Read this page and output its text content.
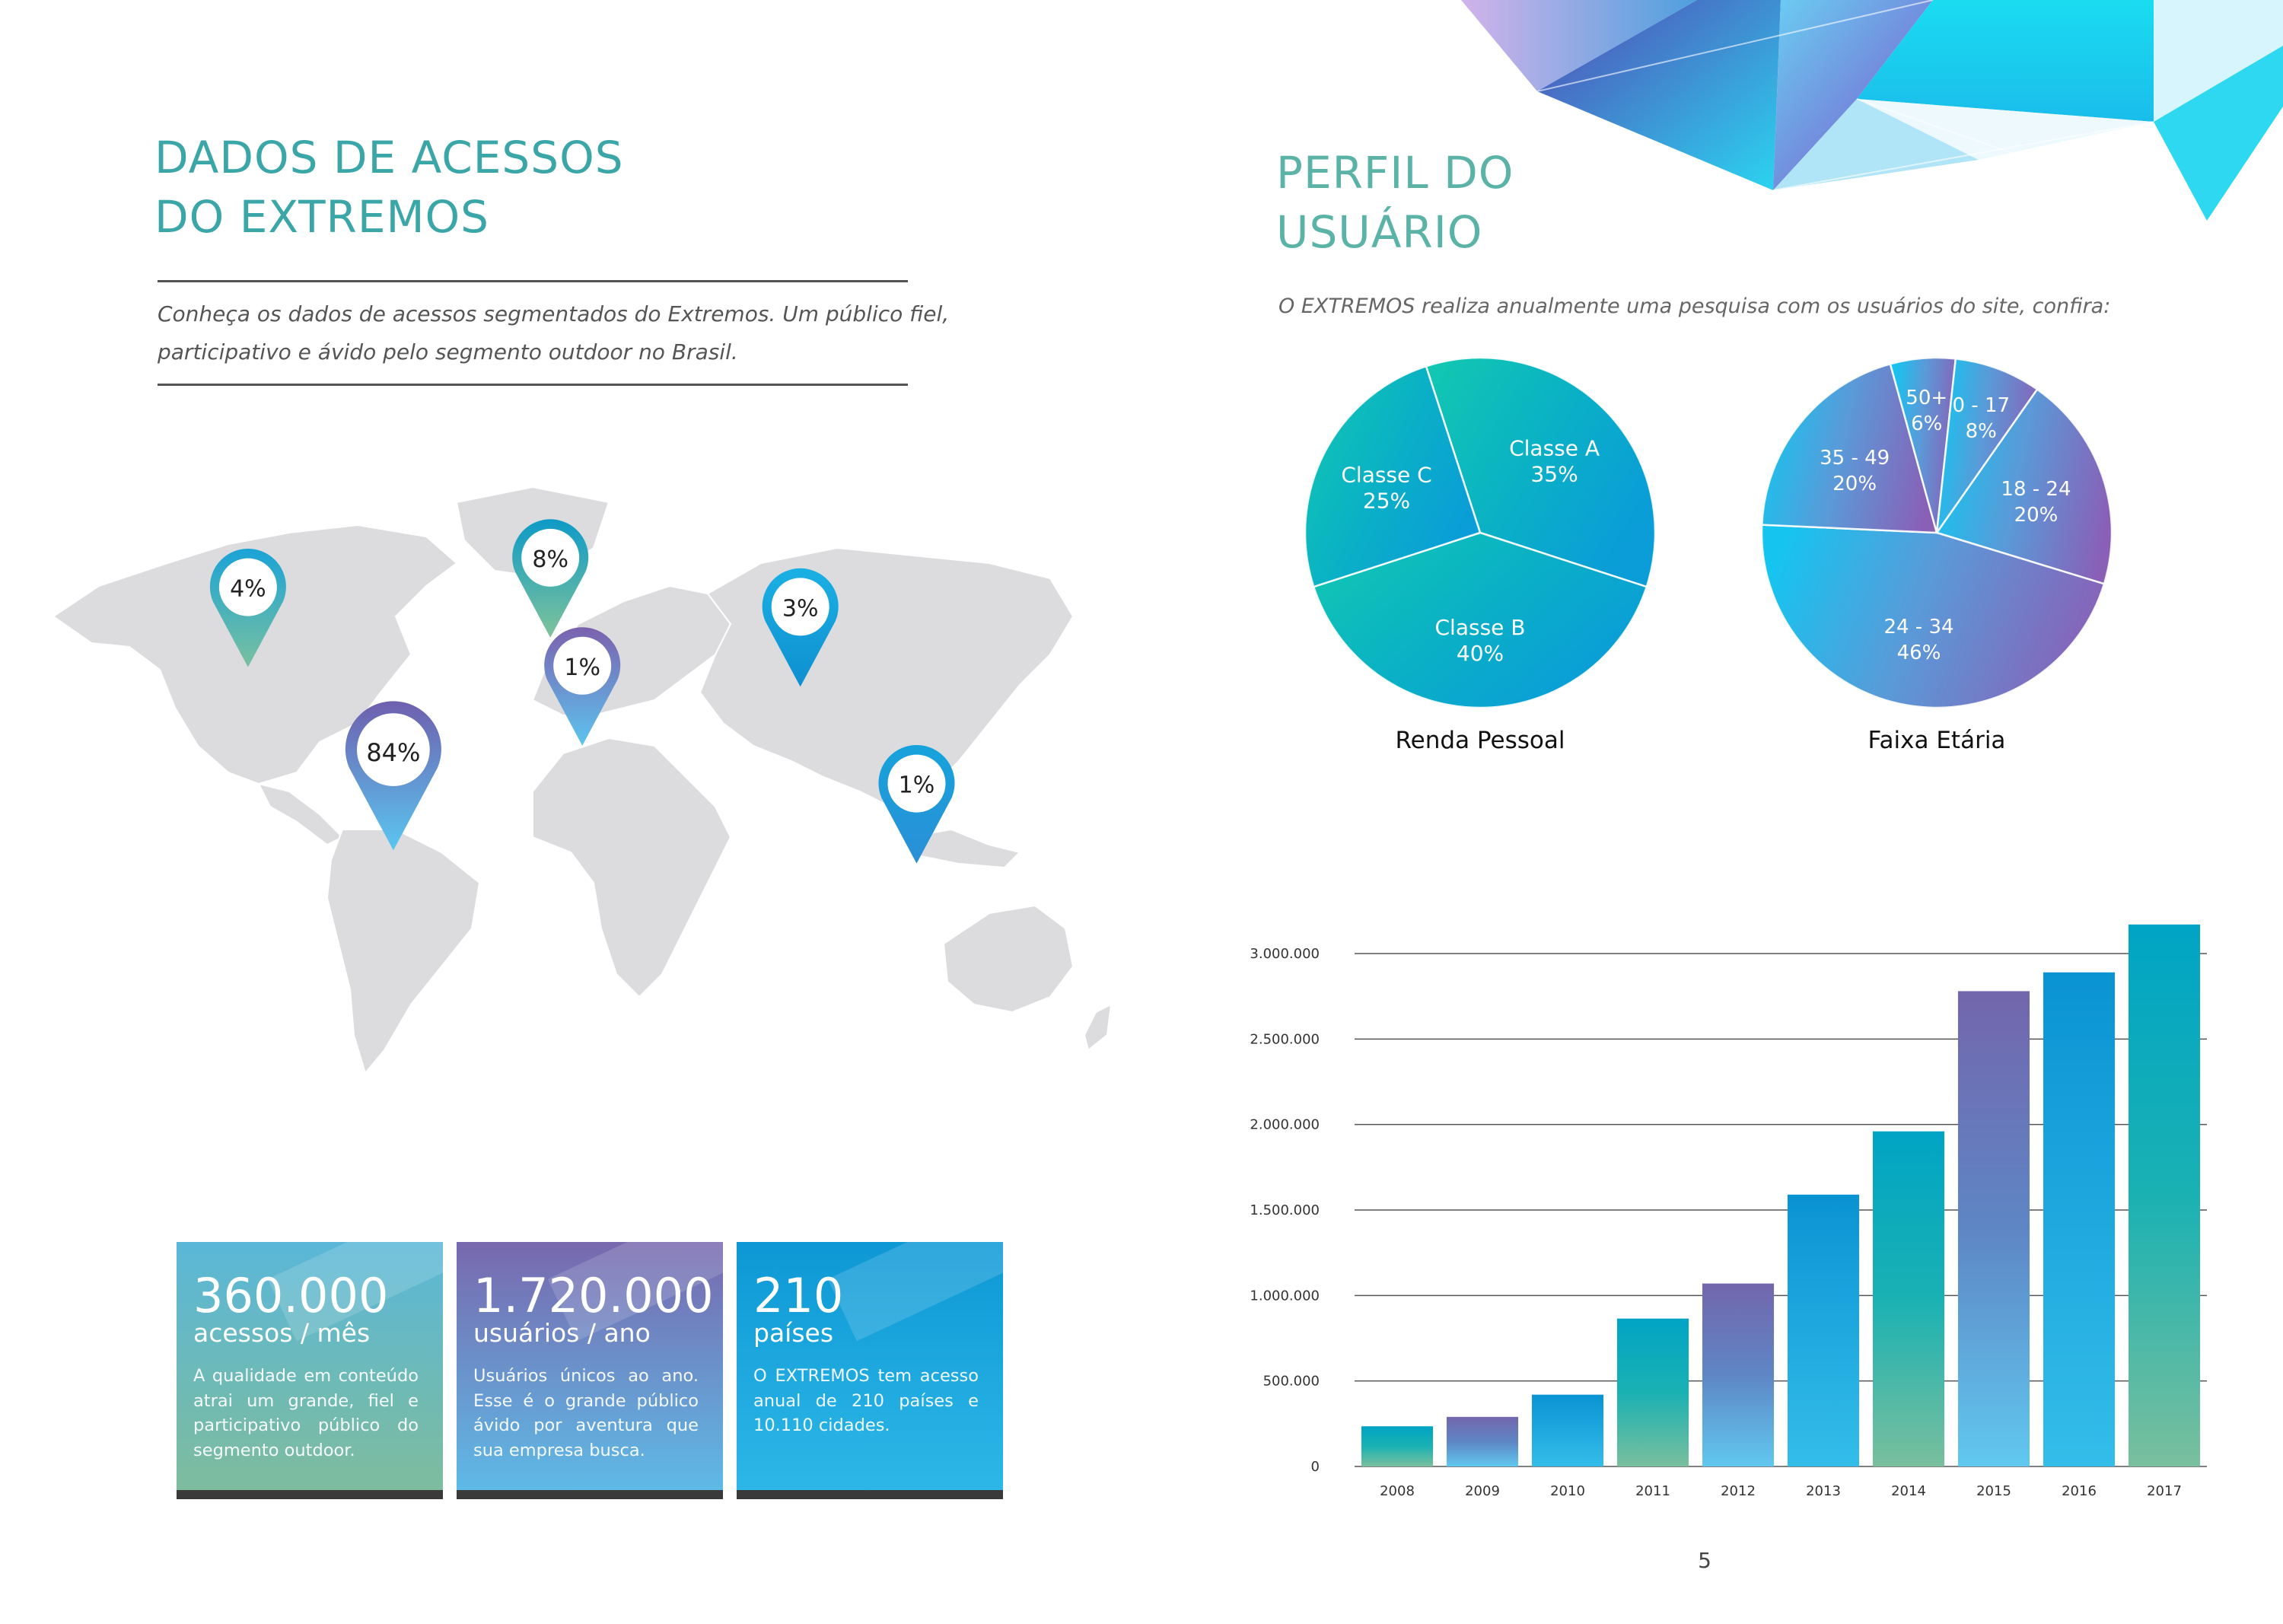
DADOS DE ACESSOS
DO EXTREMOS
Conheça os dados de acessos segmentados do Extremos. Um público fiel,
participativo e ávido pelo segmento outdoor no Brasil.
4%
8%
3%
1%
84%
1%
360.000
acessos / mês
A qualidade em conteúdo atrai um grande, fiel e participativo público do segmento outdoor.
1.720.000
usuários / ano
Usuários únicos ao ano. Esse é o grande público ávido por aventura que sua empresa busca.
210
países
O EXTREMOS tem acesso anual de 210 países e 10.110 cidades.
PERFIL DO
USUÁRIO
O EXTREMOS realiza anualmente uma pesquisa com os usuários do site, confira:
Classe A
35%
Classe B
40%
Classe C
25%
Renda Pessoal
18 - 24
20%
24 - 34
46%
35 - 49
20%
50+
6%
0 - 17
8%
Faixa Etária
0
500.000
1.000.000
1.500.000
2.000.000
2.500.000
3.000.000
2008	2009	2010	2011	2012	2013	2014	2015	2016	2017
5
